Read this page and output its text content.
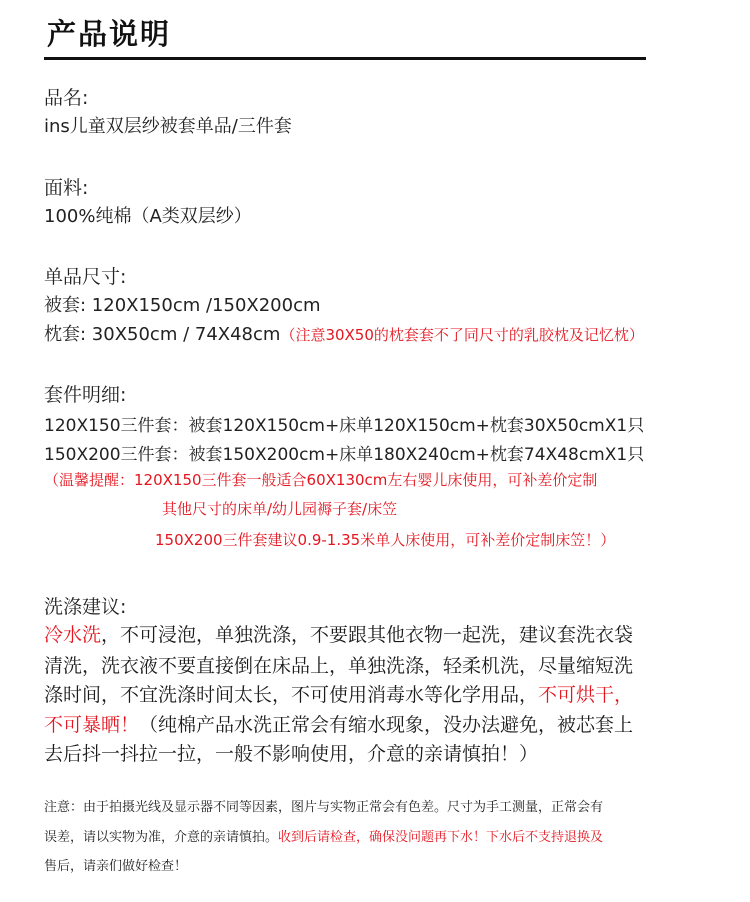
产品说明
品名:
ins儿童双层纱被套单品/三件套
面料:
100%纯棉（A类双层纱）
单品尺寸:
被套: 120X150cm /150X200cm
枕套: 30X50cm / 74X48cm（注意30X50的枕套套不了同尺寸的乳胶枕及记忆枕）
套件明细:
120X150三件套：被套120X150cm+床单120X150cm+枕套30X50cmX1只
150X200三件套：被套150X200cm+床单180X240cm+枕套74X48cmX1只
（温馨提醒：120X150三件套一般适合60X130cm左右婴儿床使用，可补差价定制
其他尺寸的床单/幼儿园褥子套/床笠
150X200三件套建议0.9-1.35米单人床使用，可补差价定制床笠！）
洗涤建议:
冷水洗，不可浸泡，单独洗涤，不要跟其他衣物一起洗，建议套洗衣袋
清洗，洗衣液不要直接倒在床品上，单独洗涤，轻柔机洗，尽量缩短洗
涤时间，不宜洗涤时间太长，不可使用消毒水等化学用品，不可烘干，
不可暴晒！（纯棉产品水洗正常会有缩水现象，没办法避免，被芯套上
去后抖一抖拉一拉，一般不影响使用，介意的亲请慎拍！）
注意：由于拍摄光线及显示器不同等因素，图片与实物正常会有色差。尺寸为手工测量，正常会有
误差，请以实物为准，介意的亲请慎拍。收到后请检查，确保没问题再下水！下水后不支持退换及
售后，请亲们做好检查！
